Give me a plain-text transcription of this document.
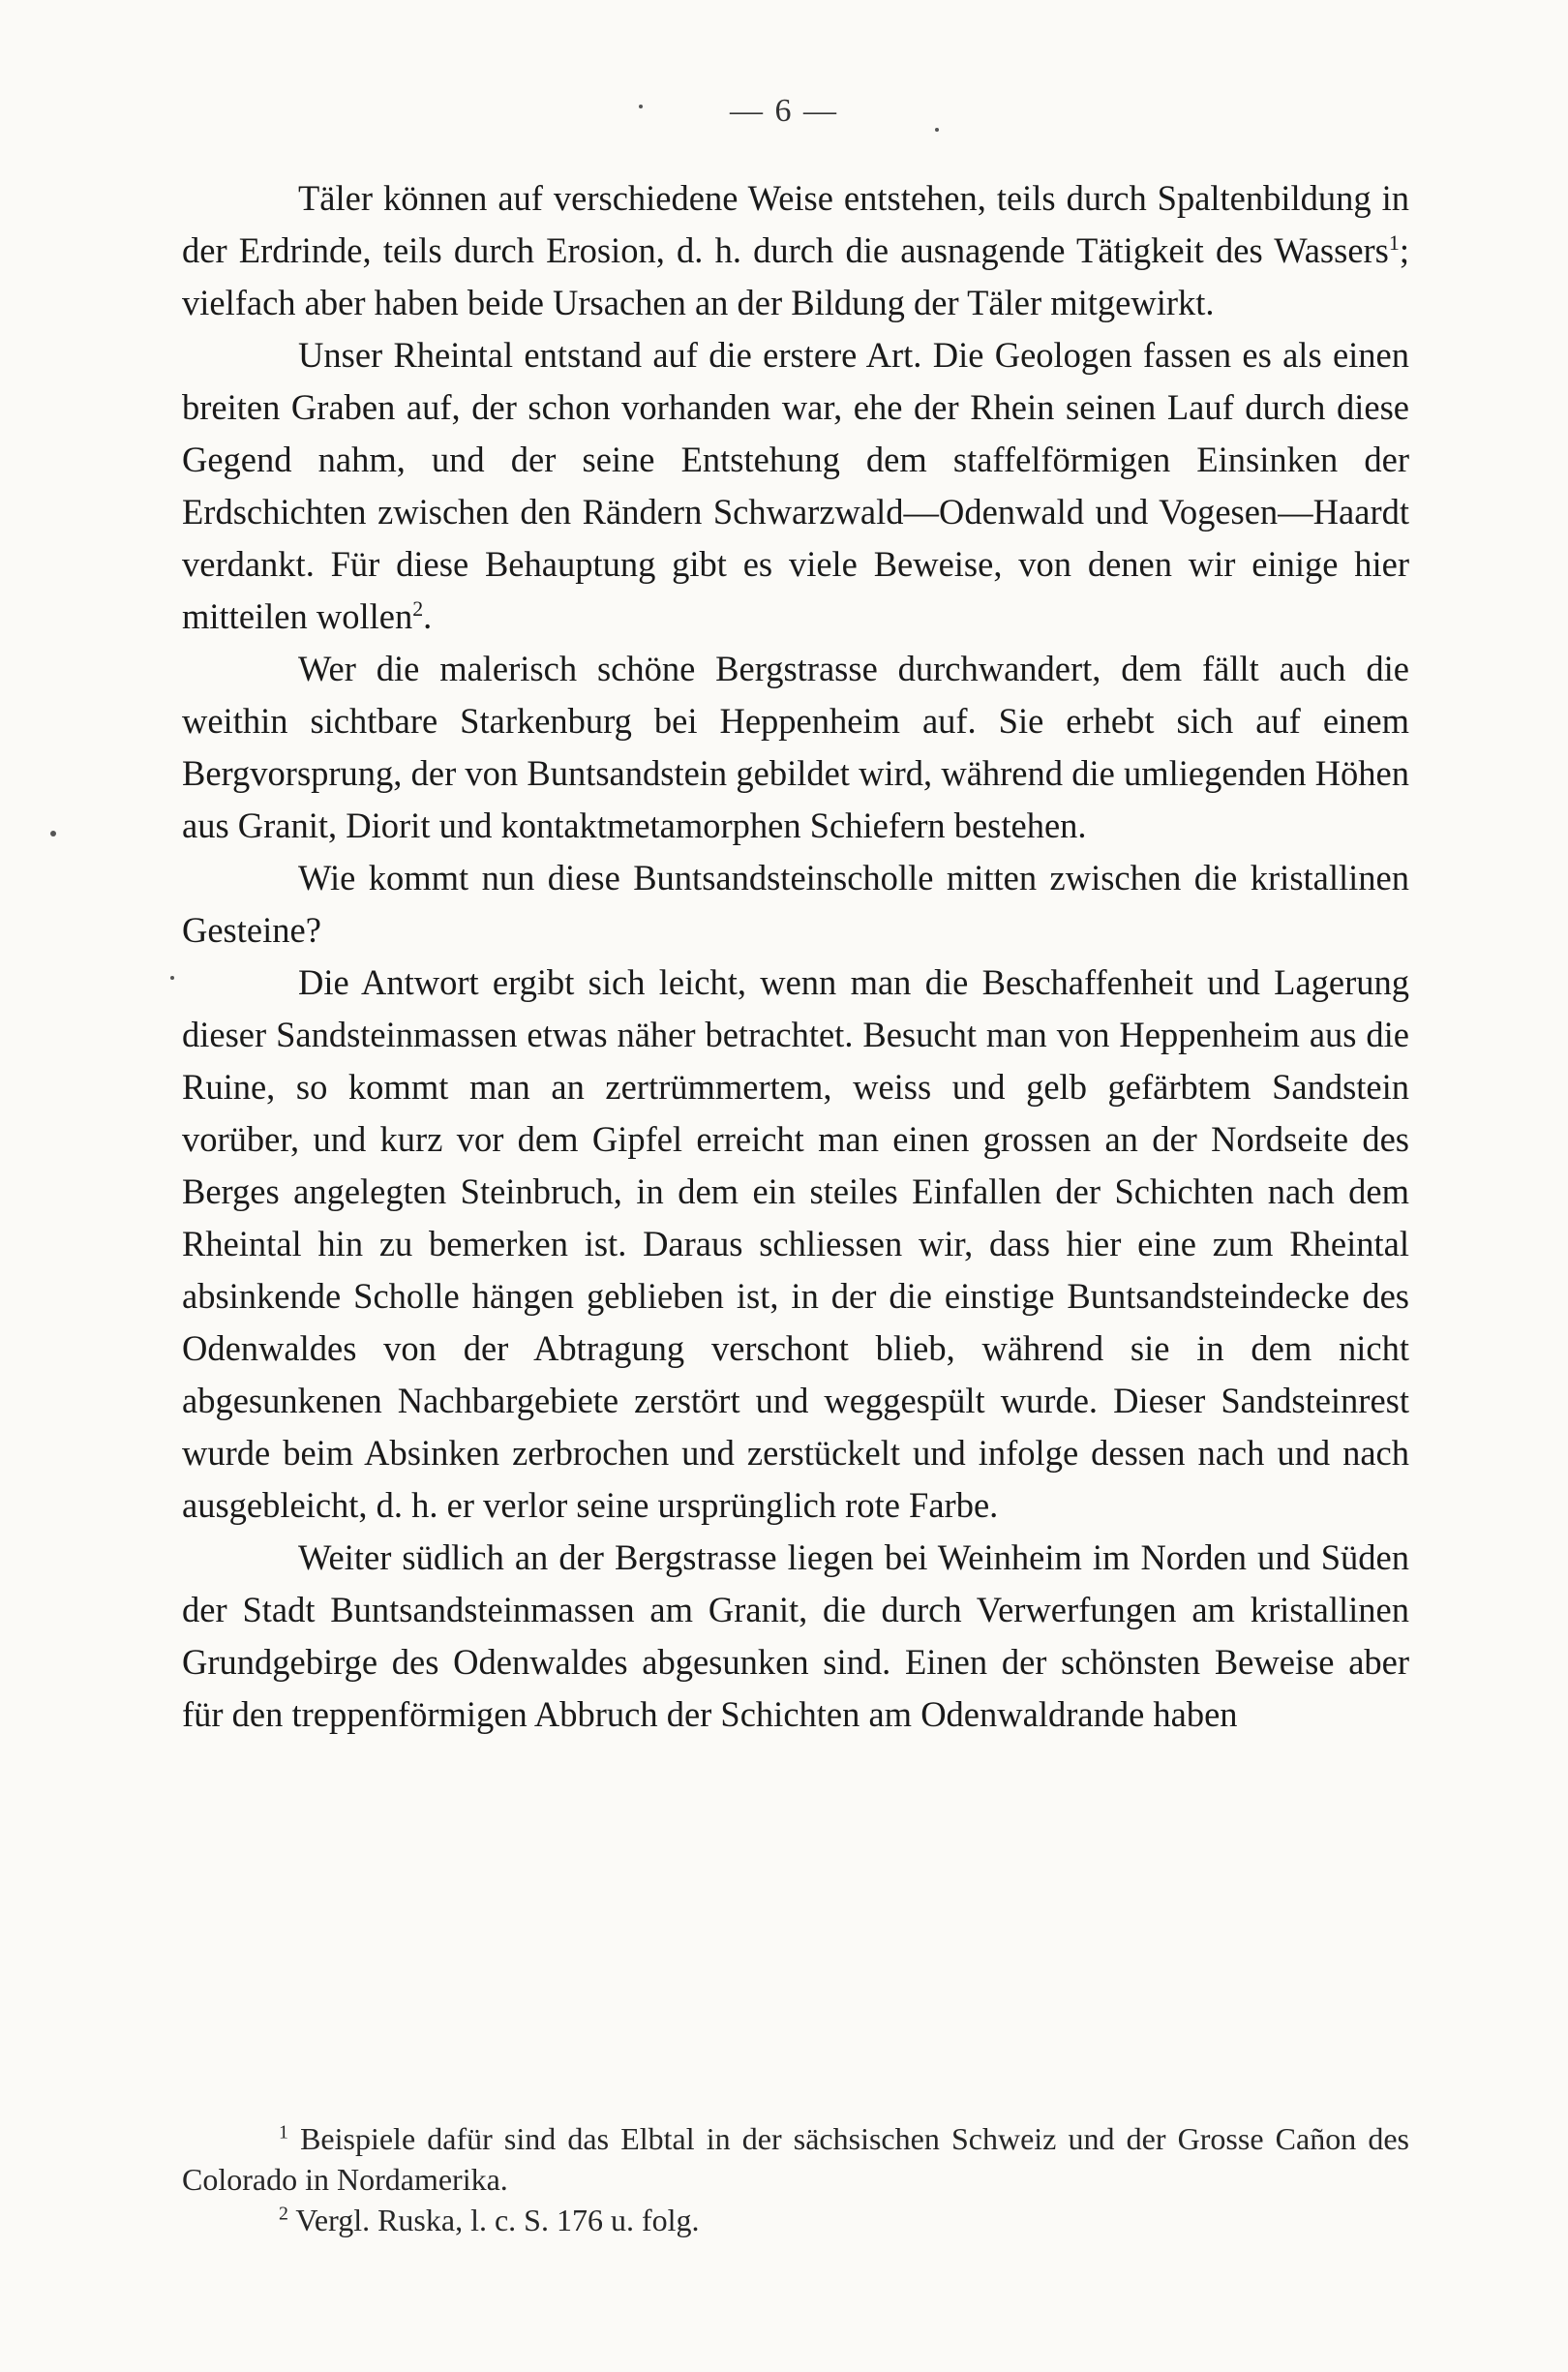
— 6 —

Täler können auf verschiedene Weise entstehen, teils durch Spaltenbildung in der Erdrinde, teils durch Erosion, d. h. durch die ausnagende Tätigkeit des Wassers$^1$; vielfach aber haben beide Ursachen an der Bildung der Täler mitgewirkt.

Unser Rheintal entstand auf die erstere Art. Die Geologen fassen es als einen breiten Graben auf, der schon vorhanden war, ehe der Rhein seinen Lauf durch diese Gegend nahm, und der seine Entstehung dem staffelförmigen Einsinken der Erdschichten zwischen den Rändern Schwarzwald—Odenwald und Vogesen—Haardt verdankt. Für diese Behauptung gibt es viele Beweise, von denen wir einige hier mitteilen wollen$^2$.

Wer die malerisch schöne Bergstrasse durchwandert, dem fällt auch die weithin sichtbare Starkenburg bei Heppenheim auf. Sie erhebt sich auf einem Bergvorsprung, der von Buntsandstein gebildet wird, während die umliegenden Höhen aus Granit, Diorit und kontaktmetamorphen Schiefern bestehen.

Wie kommt nun diese Buntsandsteinscholle mitten zwischen die kristallinen Gesteine?

Die Antwort ergibt sich leicht, wenn man die Beschaffenheit und Lagerung dieser Sandsteinmassen etwas näher betrachtet. Besucht man von Heppenheim aus die Ruine, so kommt man an zertrümmertem, weiss und gelb gefärbtem Sandstein vorüber, und kurz vor dem Gipfel erreicht man einen grossen an der Nordseite des Berges angelegten Steinbruch, in dem ein steiles Einfallen der Schichten nach dem Rheintal hin zu bemerken ist. Daraus schliessen wir, dass hier eine zum Rheintal absinkende Scholle hängen geblieben ist, in der die einstige Buntsandsteindecke des Odenwaldes von der Abtragung verschont blieb, während sie in dem nicht abgesunkenen Nachbargebiete zerstört und weggespült wurde. Dieser Sandsteinrest wurde beim Absinken zerbrochen und zerstückelt und infolge dessen nach und nach ausgebleicht, d. h. er verlor seine ursprünglich rote Farbe.

Weiter südlich an der Bergstrasse liegen bei Weinheim im Norden und Süden der Stadt Buntsandsteinmassen am Granit, die durch Verwerfungen am kristallinen Grundgebirge des Odenwaldes abgesunken sind. Einen der schönsten Beweise aber für den treppenförmigen Abbruch der Schichten am Odenwaldrande haben

$^1$ Beispiele dafür sind das Elbtal in der sächsischen Schweiz und der Grosse Cañon des Colorado in Nordamerika.

$^2$ Vergl. Ruska, l. c. S. 176 u. folg.
